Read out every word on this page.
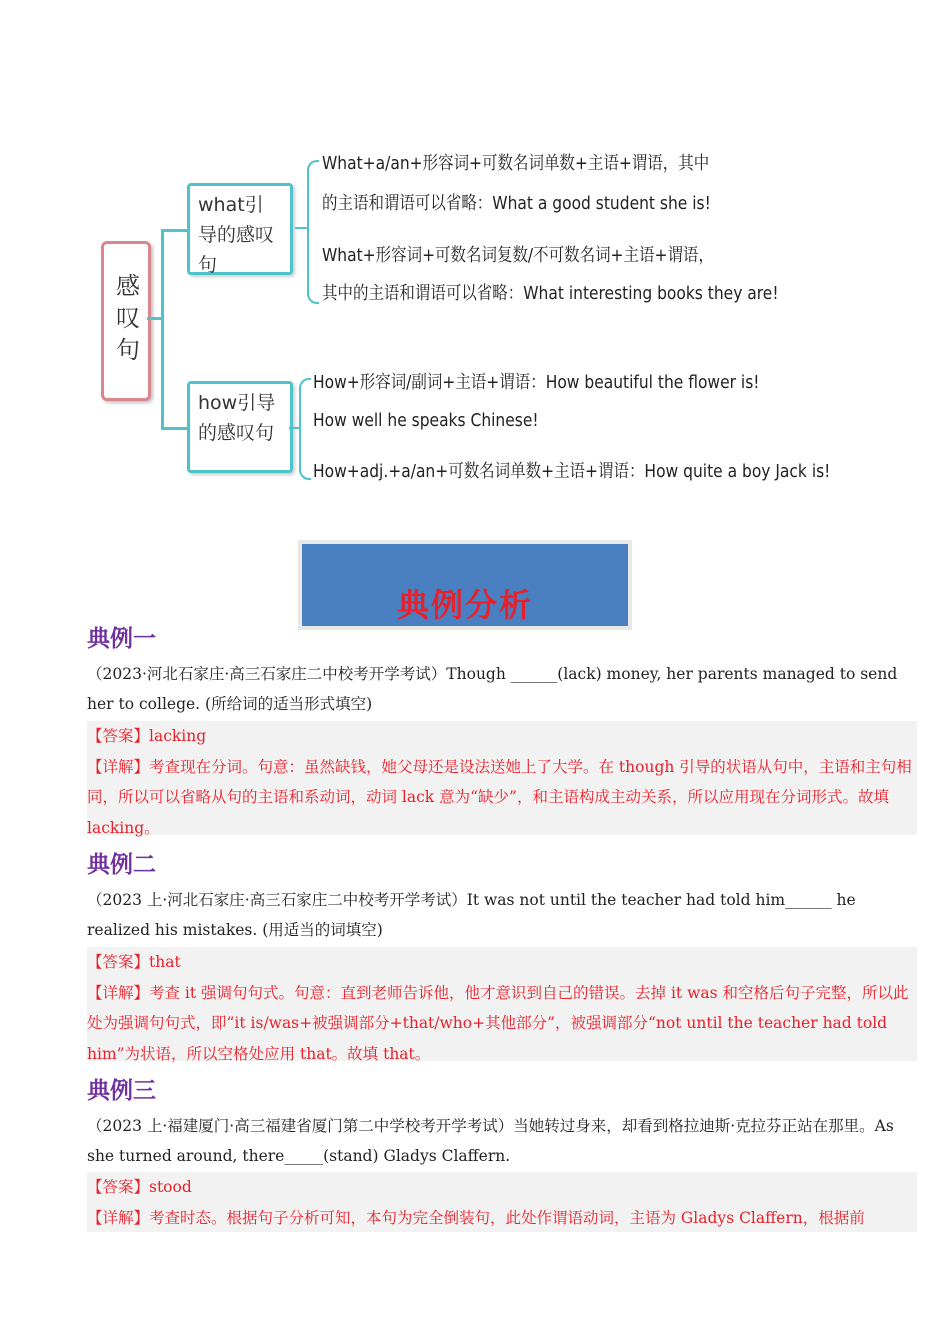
感叹句
what引导的感叹句
What+a/an+形容词+可数名词单数+主语+谓语，其中
的主语和谓语可以省略：What a good student she is!
What+形容词+可数名词复数/不可数名词+主语+谓语，
其中的主语和谓语可以省略：What interesting books they are!
how引导的感叹句
How+形容词/副词+主语+谓语：How beautiful the flower is!
How well he speaks Chinese!
How+adj.+a/an+可数名词单数+主语+谓语：How quite a boy Jack is!
典例分析
典例一
（2023·河北石家庄·高三石家庄二中校考开学考试）Though ______(lack) money, her parents managed to send her to college. (所给词的适当形式填空)

【答案】lacking

【详解】考查现在分词。句意：虽然缺钱，她父母还是设法送她上了大学。在 though 引导的状语从句中，主语和主句相同，所以可以省略从句的主语和系动词，动词 lack 意为“缺少”，和主语构成主动关系，所以应用现在分词形式。故填 lacking。

典例二
（2023 上·河北石家庄·高三石家庄二中校考开学考试）It was not until the teacher had told him______ he realized his mistakes. (用适当的词填空)

【答案】that

【详解】考查 it 强调句句式。句意：直到老师告诉他，他才意识到自己的错误。去掉 it was 和空格后句子完整，所以此处为强调句句式，即“it is/was+被强调部分+that/who+其他部分”，被强调部分“not until the teacher had told him”为状语，所以空格处应用 that。故填 that。

典例三
（2023 上·福建厦门·高三福建省厦门第二中学校考开学考试）当她转过身来，却看到格拉迪斯·克拉芬正站在那里。As she turned around, there_____(stand) Gladys Claffern.

【答案】stood

【详解】考查时态。根据句子分析可知，本句为完全倒装句，此处作谓语动词，主语为 Gladys Claffern，根据前
